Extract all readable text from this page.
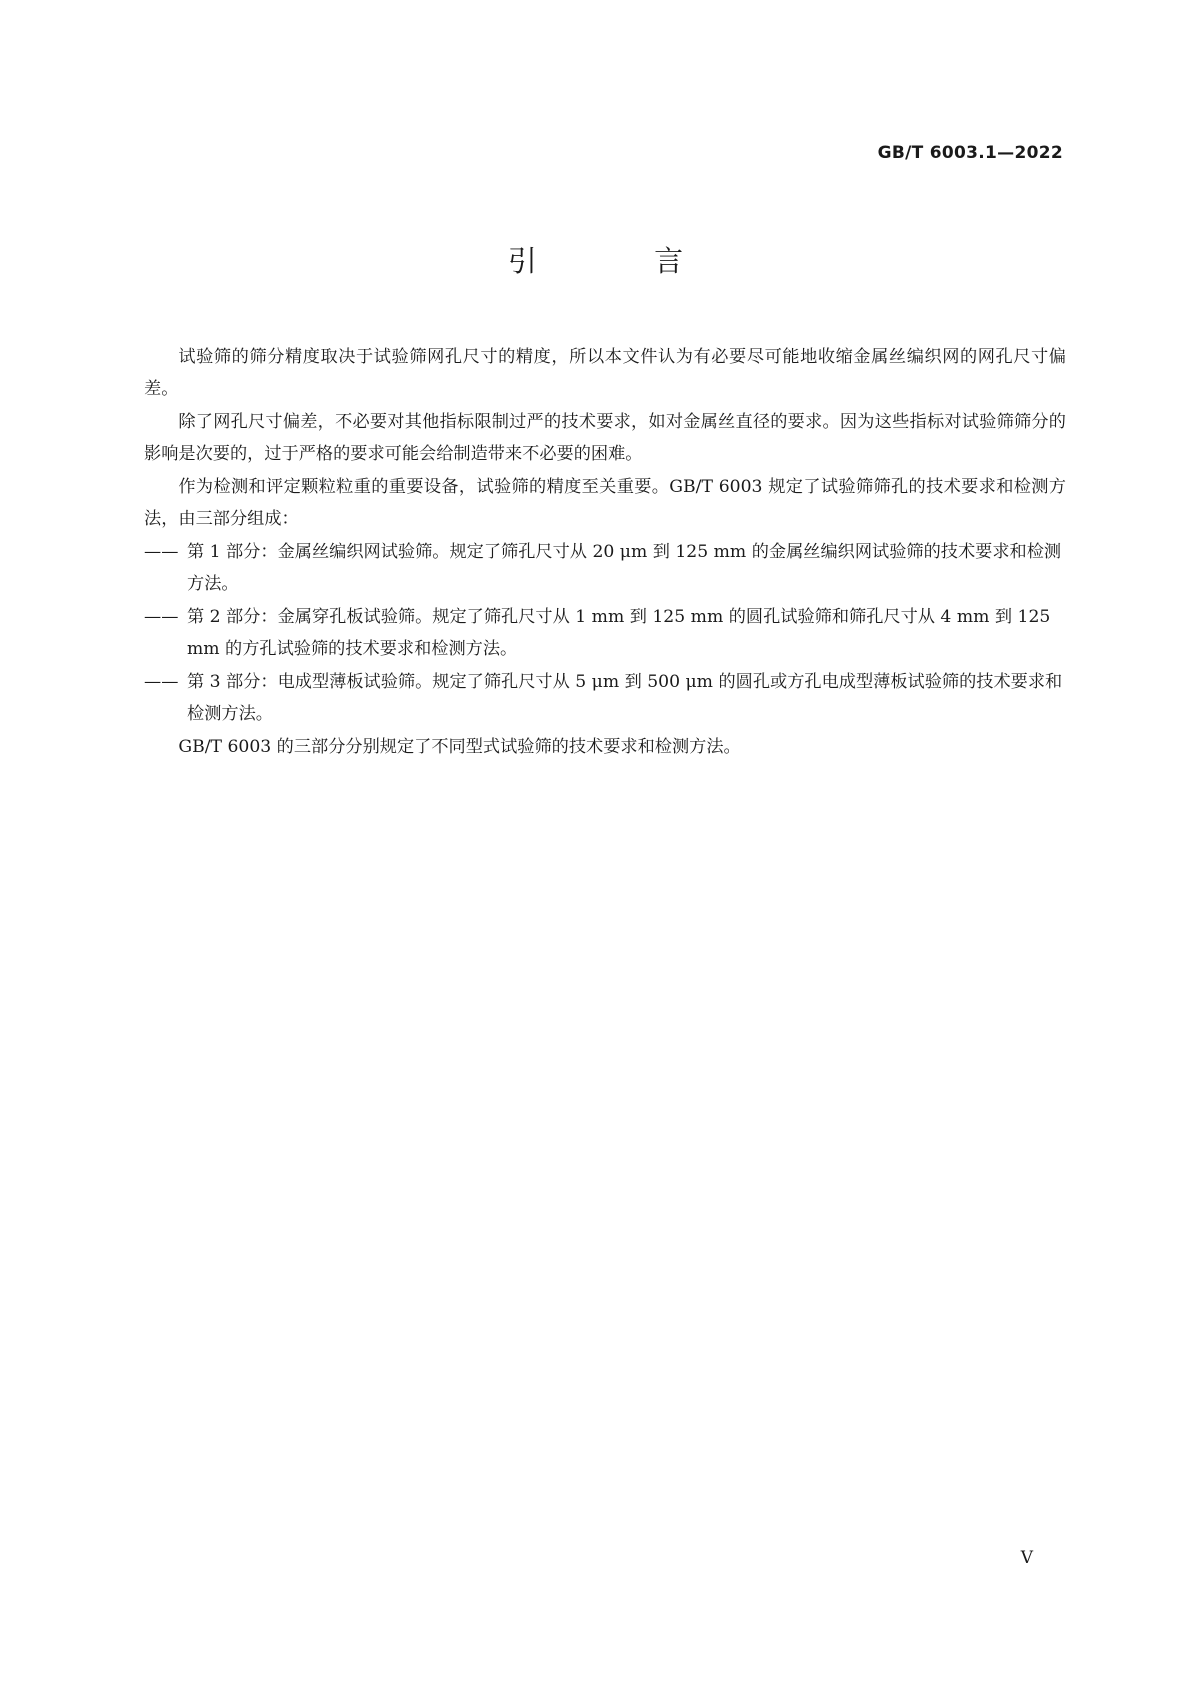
GB/T 6003.1—2022
引 言

试验筛的筛分精度取决于试验筛网孔尺寸的精度，所以本文件认为有必要尽可能地收缩金属丝编织网的网孔尺寸偏差。

除了网孔尺寸偏差，不必要对其他指标限制过严的技术要求，如对金属丝直径的要求。因为这些指标对试验筛筛分的影响是次要的，过于严格的要求可能会给制造带来不必要的困难。

作为检测和评定颗粒粒重的重要设备，试验筛的精度至关重要。GB/T 6003 规定了试验筛筛孔的技术要求和检测方法，由三部分组成：

—— 第 1 部分：金属丝编织网试验筛。规定了筛孔尺寸从 20 μm 到 125 mm 的金属丝编织网试验筛的技术要求和检测方法。
—— 第 2 部分：金属穿孔板试验筛。规定了筛孔尺寸从 1 mm 到 125 mm 的圆孔试验筛和筛孔尺寸从 4 mm 到 125 mm 的方孔试验筛的技术要求和检测方法。
—— 第 3 部分：电成型薄板试验筛。规定了筛孔尺寸从 5 μm 到 500 μm 的圆孔或方孔电成型薄板试验筛的技术要求和检测方法。

GB/T 6003 的三部分分别规定了不同型式试验筛的技术要求和检测方法。

V
